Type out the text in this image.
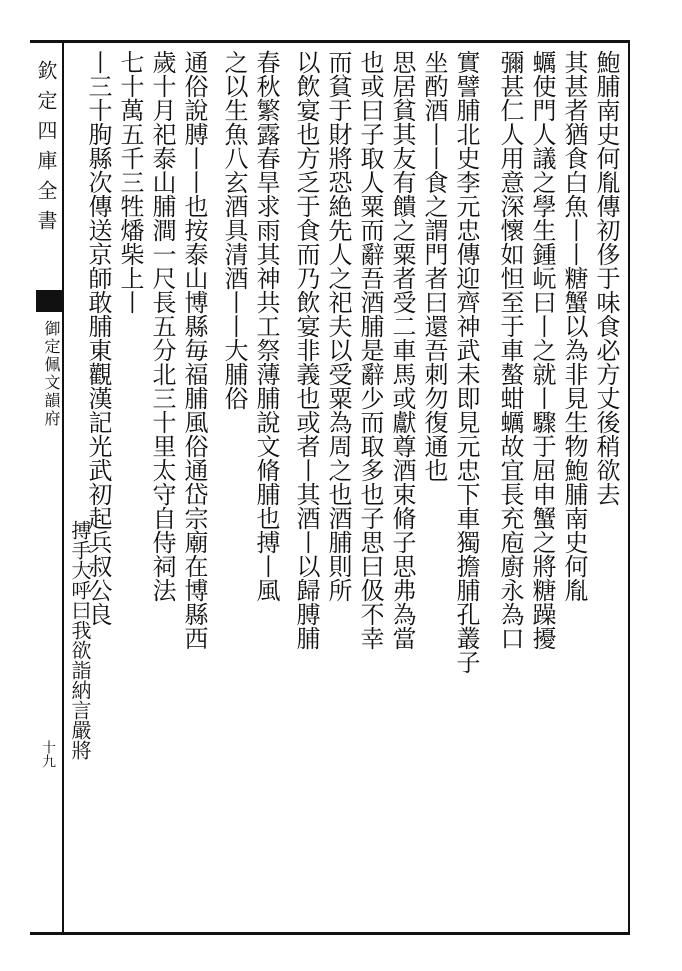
欽定四庫全書
御定佩文韻府
十九
鮑脯南史何胤傳初侈于味食必方丈後稍欲去
其甚者猶食白魚丨丨糖蟹以為非見生物鮑脯南史何胤
蠣使門人議之學生鍾岏曰丨之就丨驟于屈申蟹之將糖躁擾
彌甚仁人用意深懷如怛至于車螯蚶蠣故宜長充庖廚永為口
實譬脯北史李元忠傳迎齊神武未即見元忠下車獨擔脯孔叢子
坐酌酒丨丨食之謂門者曰還吾刺勿復通也
思居貧其友有饋之粟者受二車馬或獻尊酒束脩子思弗為當
也或曰子取人粟而辭吾酒脯是辭少而取多也子思曰伋不幸
而貧于財將恐絶先人之祀夫以受粟為周之也酒脯則所
以飲宴也方乏于食而乃飲宴非義也或者丨其酒丨以歸膊脯
春秋繁露春旱求雨其神共工祭薄脯說文脩脯也搏丨風
之以生魚八玄酒具清酒丨丨大脯俗
通俗說膊丨丨也按泰山博縣毎福脯風俗通岱宗廟在博縣西
歲十月祀泰山脯澗一尺長五分北三十里太守自侍祠法
七十萬五千三牲燔柴上丨
丨三十朐縣次傳送京師敢脯東觀漢記光武初起兵叔公良
搏手大呼曰我欲詣納言嚴將
